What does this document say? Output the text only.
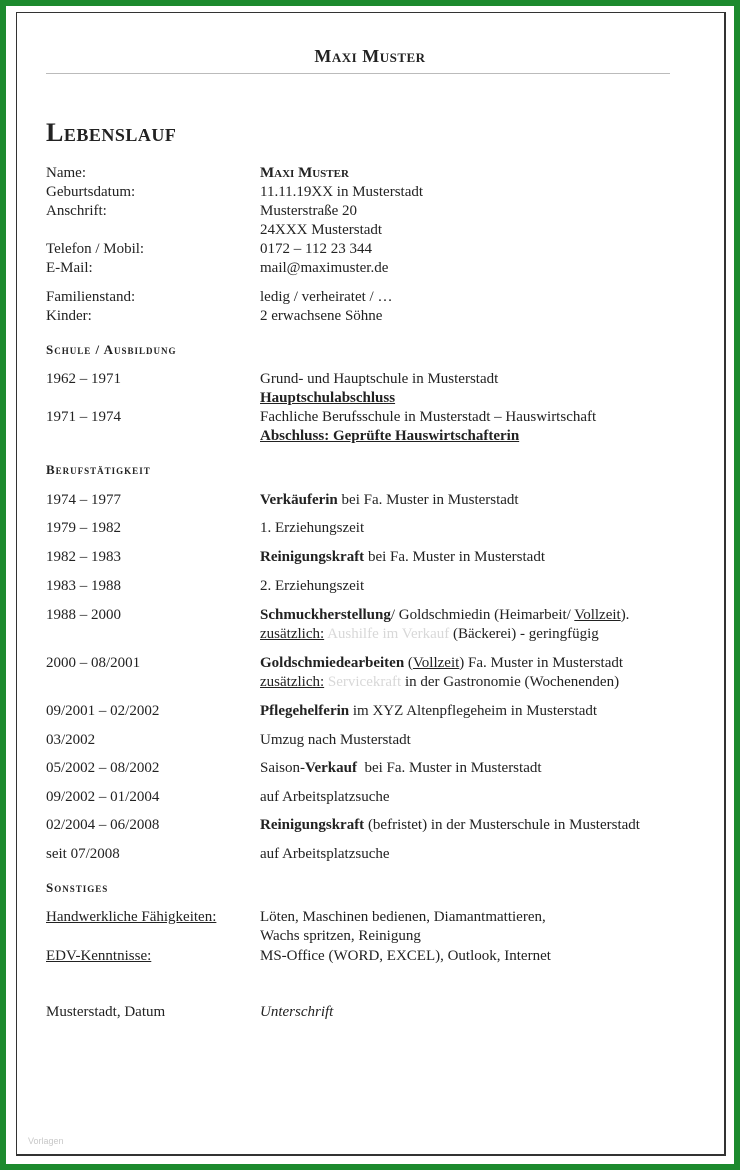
Maxi Muster
Lebenslauf
Name:	Maxi Muster
Geburtsdatum:	11.11.19XX in Musterstadt
Anschrift:	Musterstraße 20
24XXX Musterstadt
Telefon / Mobil:	0172 – 112 23 344
E-Mail:	mail@maximuster.de
Familienstand:	ledig / verheiratet / …
Kinder:	2 erwachsene Söhne
Schule / Ausbildung
1962 – 1971	Grund- und Hauptschule in Musterstadt
Hauptschulabschluss
1971 – 1974	Fachliche Berufsschule in Musterstadt – Hauswirtschaft
Abschluss: Geprüfte Hauswirtschafterin
Berufstätigkeit
1974 – 1977	Verkäuferin bei Fa. Muster in Musterstadt
1979 – 1982	1. Erziehungszeit
1982 – 1983	Reinigungskraft bei Fa. Muster in Musterstadt
1983 – 1988	2. Erziehungszeit
1988 – 2000	Schmuckherstellung/ Goldschmiedin (Heimarbeit/ Vollzeit).
zusätzlich: Aushilfe im Verkauf (Bäckerei) - geringfügig
2000 – 08/2001	Goldschmiedearbeiten (Vollzeit) Fa. Muster in Musterstadt
zusätzlich: Servicekraft in der Gastronomie (Wochenenden)
09/2001 – 02/2002	Pflegehelferin im XYZ Altenpflegeheim in Musterstadt
03/2002	Umzug nach Musterstadt
05/2002 – 08/2002	Saison-Verkauf  bei Fa. Muster in Musterstadt
09/2002 – 01/2004	auf Arbeitsplatzsuche
02/2004 – 06/2008	Reinigungskraft (befristet) in der Musterschule in Musterstadt
seit 07/2008	auf Arbeitsplatzsuche
Sonstiges
Handwerkliche Fähigkeiten:	Löten, Maschinen bedienen, Diamantmattieren,
Wachs spritzen, Reinigung
EDV-Kenntnisse:	MS-Office (WORD, EXCEL), Outlook, Internet
Musterstadt, Datum	Unterschrift
Vorlagen
